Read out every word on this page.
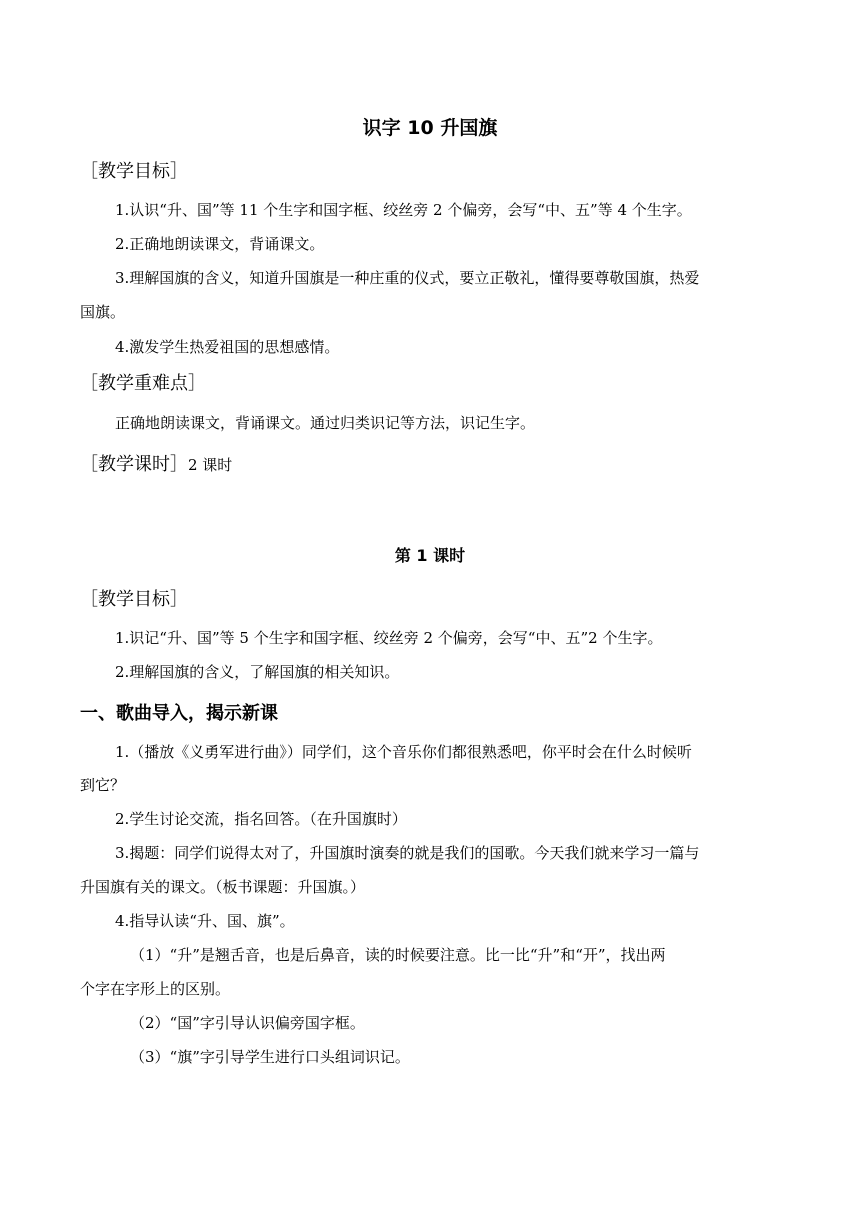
识字 10 升国旗
［教学目标］
1.认识“升、国”等 11 个生字和国字框、绞丝旁 2 个偏旁，会写“中、五”等 4 个生字。
2.正确地朗读课文，背诵课文。
3.理解国旗的含义，知道升国旗是一种庄重的仪式，要立正敬礼，懂得要尊敬国旗，热爱
国旗。
4.激发学生热爱祖国的思想感情。
［教学重难点］
正确地朗读课文，背诵课文。通过归类识记等方法，识记生字。
［教学课时］2 课时
第 1 课时
［教学目标］
1.识记“升、国”等 5 个生字和国字框、绞丝旁 2 个偏旁，会写“中、五”2 个生字。
2.理解国旗的含义，了解国旗的相关知识。
一、歌曲导入，揭示新课
1.（播放《义勇军进行曲》）同学们，这个音乐你们都很熟悉吧，你平时会在什么时候听
到它？
2.学生讨论交流，指名回答。（在升国旗时）
3.揭题：同学们说得太对了，升国旗时演奏的就是我们的国歌。今天我们就来学习一篇与
升国旗有关的课文。（板书课题：升国旗。）
4.指导认读“升、国、旗”。
（1）“升”是翘舌音，也是后鼻音，读的时候要注意。比一比“升”和“开”，找出两
个字在字形上的区别。
（2）“国”字引导认识偏旁国字框。
（3）“旗”字引导学生进行口头组词识记。
